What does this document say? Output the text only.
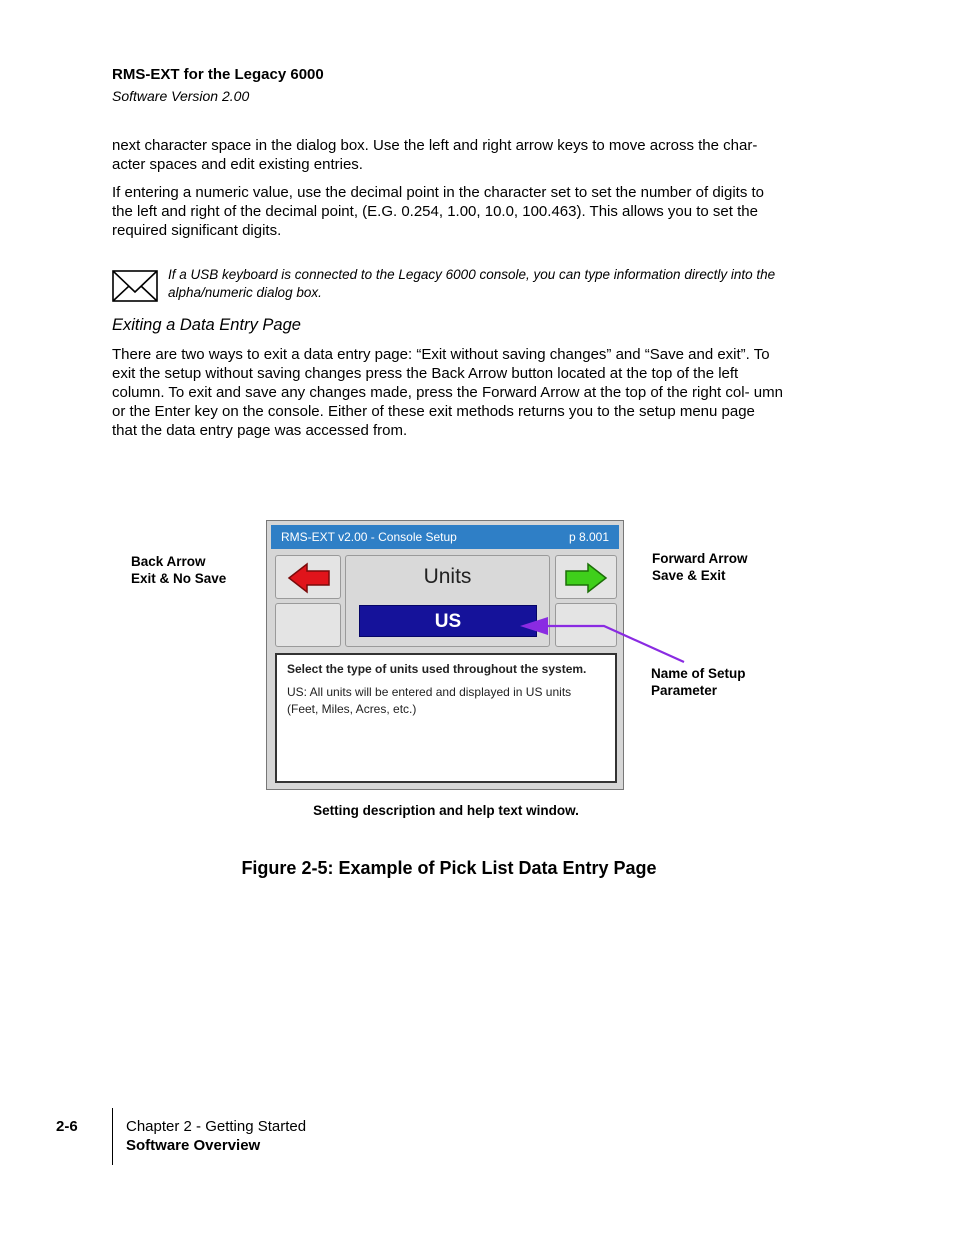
RMS-EXT for the Legacy 6000
Software Version 2.00

next character space in the dialog box. Use the left and right arrow keys to move across the char- acter spaces and edit existing entries.

If entering a numeric value, use the decimal point in the character set to set the number of digits to the left and right of the decimal point, (E.G. 0.254, 1.00, 10.0, 100.463). This allows you to set the required significant digits.

If a USB keyboard is connected to the Legacy 6000 console, you can type information directly into the alpha/numeric dialog box.
Exiting a Data Entry Page

There are two ways to exit a data entry page: “Exit without saving changes” and “Save and exit”. To exit the setup without saving changes press the Back Arrow button located at the top of the left column. To exit and save any changes made, press the Forward Arrow at the top of the right col- umn or the Enter key on the console. Either of these exit methods returns you to the setup menu page that the data entry page was accessed from.

Back Arrow
Exit & No Save
Forward Arrow
Save & Exit
Name of Setup
Parameter
RMS-EXT v2.00 - Console Setup	p 8.001
Units
US
Select the type of units used throughout the system.
US: All units will be entered and displayed in US units (Feet, Miles, Acres, etc.)
Setting description and help text window.
Figure 2-5: Example of Pick List Data Entry Page
2-6	Chapter 2 - Getting Started
Software Overview
